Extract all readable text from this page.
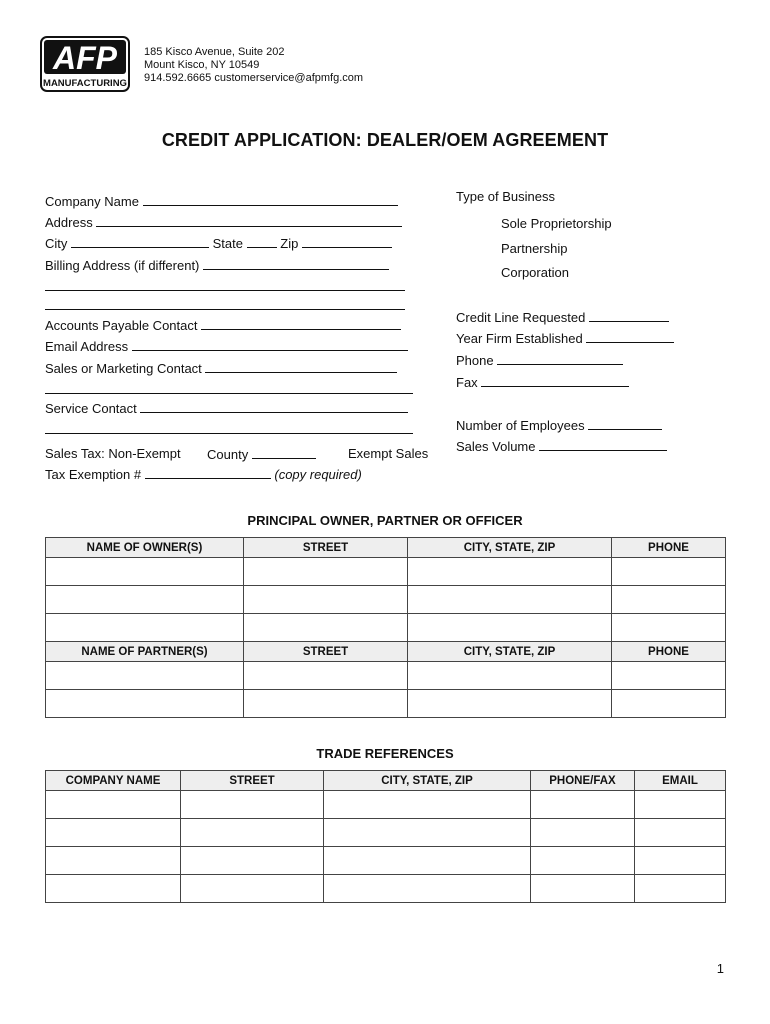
AFP
MANUFACTURING
185 Kisco Avenue, Suite 202
Mount Kisco, NY 10549
914.592.6665 customerservice@afpmfg.com
CREDIT APPLICATION: DEALER/OEM AGREEMENT
Company Name
Address
City	State	Zip
Billing Address (if different)
Accounts Payable Contact
Email Address
Sales or Marketing Contact
Service Contact
Sales Tax: Non-Exempt County	Exempt Sales
Tax Exemption #	(copy required)
Type of Business
Sole Proprietorship
Partnership
Corporation
Credit Line Requested
Year Firm Established
Phone
Fax
Number of Employees
Sales Volume
PRINCIPAL OWNER, PARTNER OR OFFICER
NAME OF OWNER(S)	STREET	CITY, STATE, ZIP	PHONE

NAME OF PARTNER(S)	STREET	CITY, STATE, ZIP	PHONE

TRADE REFERENCES
COMPANY NAME	STREET	CITY, STATE, ZIP	PHONE/FAX	EMAIL

1
